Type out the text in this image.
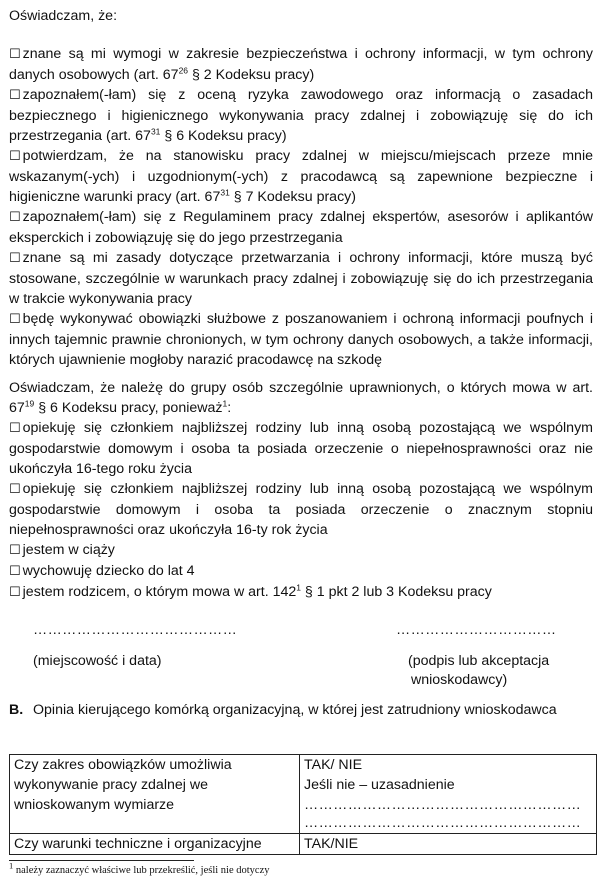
Oświadczam, że:

☐ znane są mi wymogi w zakresie bezpieczeństwa i ochrony informacji, w tym ochrony danych osobowych (art. $67^{26}$ § 2 Kodeksu pracy)

☐ zapoznałem(-łam) się z oceną ryzyka zawodowego oraz informacją o zasadach bezpiecznego i higienicznego wykonywania pracy zdalnej i zobowiązuję się do ich przestrzegania (art. $67^{31}$ § 6 Kodeksu pracy)

☐ potwierdzam, że na stanowisku pracy zdalnej w miejscu/miejscach przeze mnie wskazanym(-ych) i uzgodnionym(-ych) z pracodawcą są zapewnione bezpieczne i higieniczne warunki pracy (art. $67^{31}$ § 7 Kodeksu pracy)

☐ zapoznałem(-łam) się z Regulaminem pracy zdalnej ekspertów, asesorów i aplikantów eksperckich i zobowiązuję się do jego przestrzegania

☐ znane są mi zasady dotyczące przetwarzania i ochrony informacji, które muszą być stosowane, szczególnie w warunkach pracy zdalnej i zobowiązuję się do ich przestrzegania w trakcie wykonywania pracy

☐ będę wykonywać obowiązki służbowe z poszanowaniem i ochroną informacji poufnych i innych tajemnic prawnie chronionych, w tym ochrony danych osobowych, a także informacji, których ujawnienie mogłoby narazić pracodawcę na szkodę

Oświadczam, że należę do grupy osób szczególnie uprawnionych, o których mowa w art. $67^{19}$ § 6 Kodeksu pracy, ponieważ$^1$:

☐ opiekuję się członkiem najbliższej rodziny lub inną osobą pozostającą we wspólnym gospodarstwie domowym i osoba ta posiada orzeczenie o niepełnosprawności oraz nie ukończyła 16-tego roku życia

☐ opiekuję się członkiem najbliższej rodziny lub inną osobą pozostającą we wspólnym gospodarstwie domowym i osoba ta posiada orzeczenie o znacznym stopniu niepełnosprawności oraz ukończyła 16-ty rok życia

☐ jestem w ciąży

☐ wychowuję dziecko do lat 4

☐ jestem rodzicem, o którym mowa w art. $142^1$ § 1 pkt 2 lub 3 Kodeksu pracy

……………………………………
(miejscowość i data)
……………………………
(podpis lub akceptacja
wnioskodawcy)
B. Opinia kierującego komórką organizacyjną, w której jest zatrudniony wnioskodawca
Czy zakres obowiązków umożliwia wykonywanie pracy zdalnej we wnioskowanym wymiarze	TAK/ NIE
Jeśli nie – uzasadnienie
…………………………………………………
…………………………………………………

Czy warunki techniczne i organizacyjne	TAK/NIE
$^1$ należy zaznaczyć właściwe lub przekreślić, jeśli nie dotyczy
